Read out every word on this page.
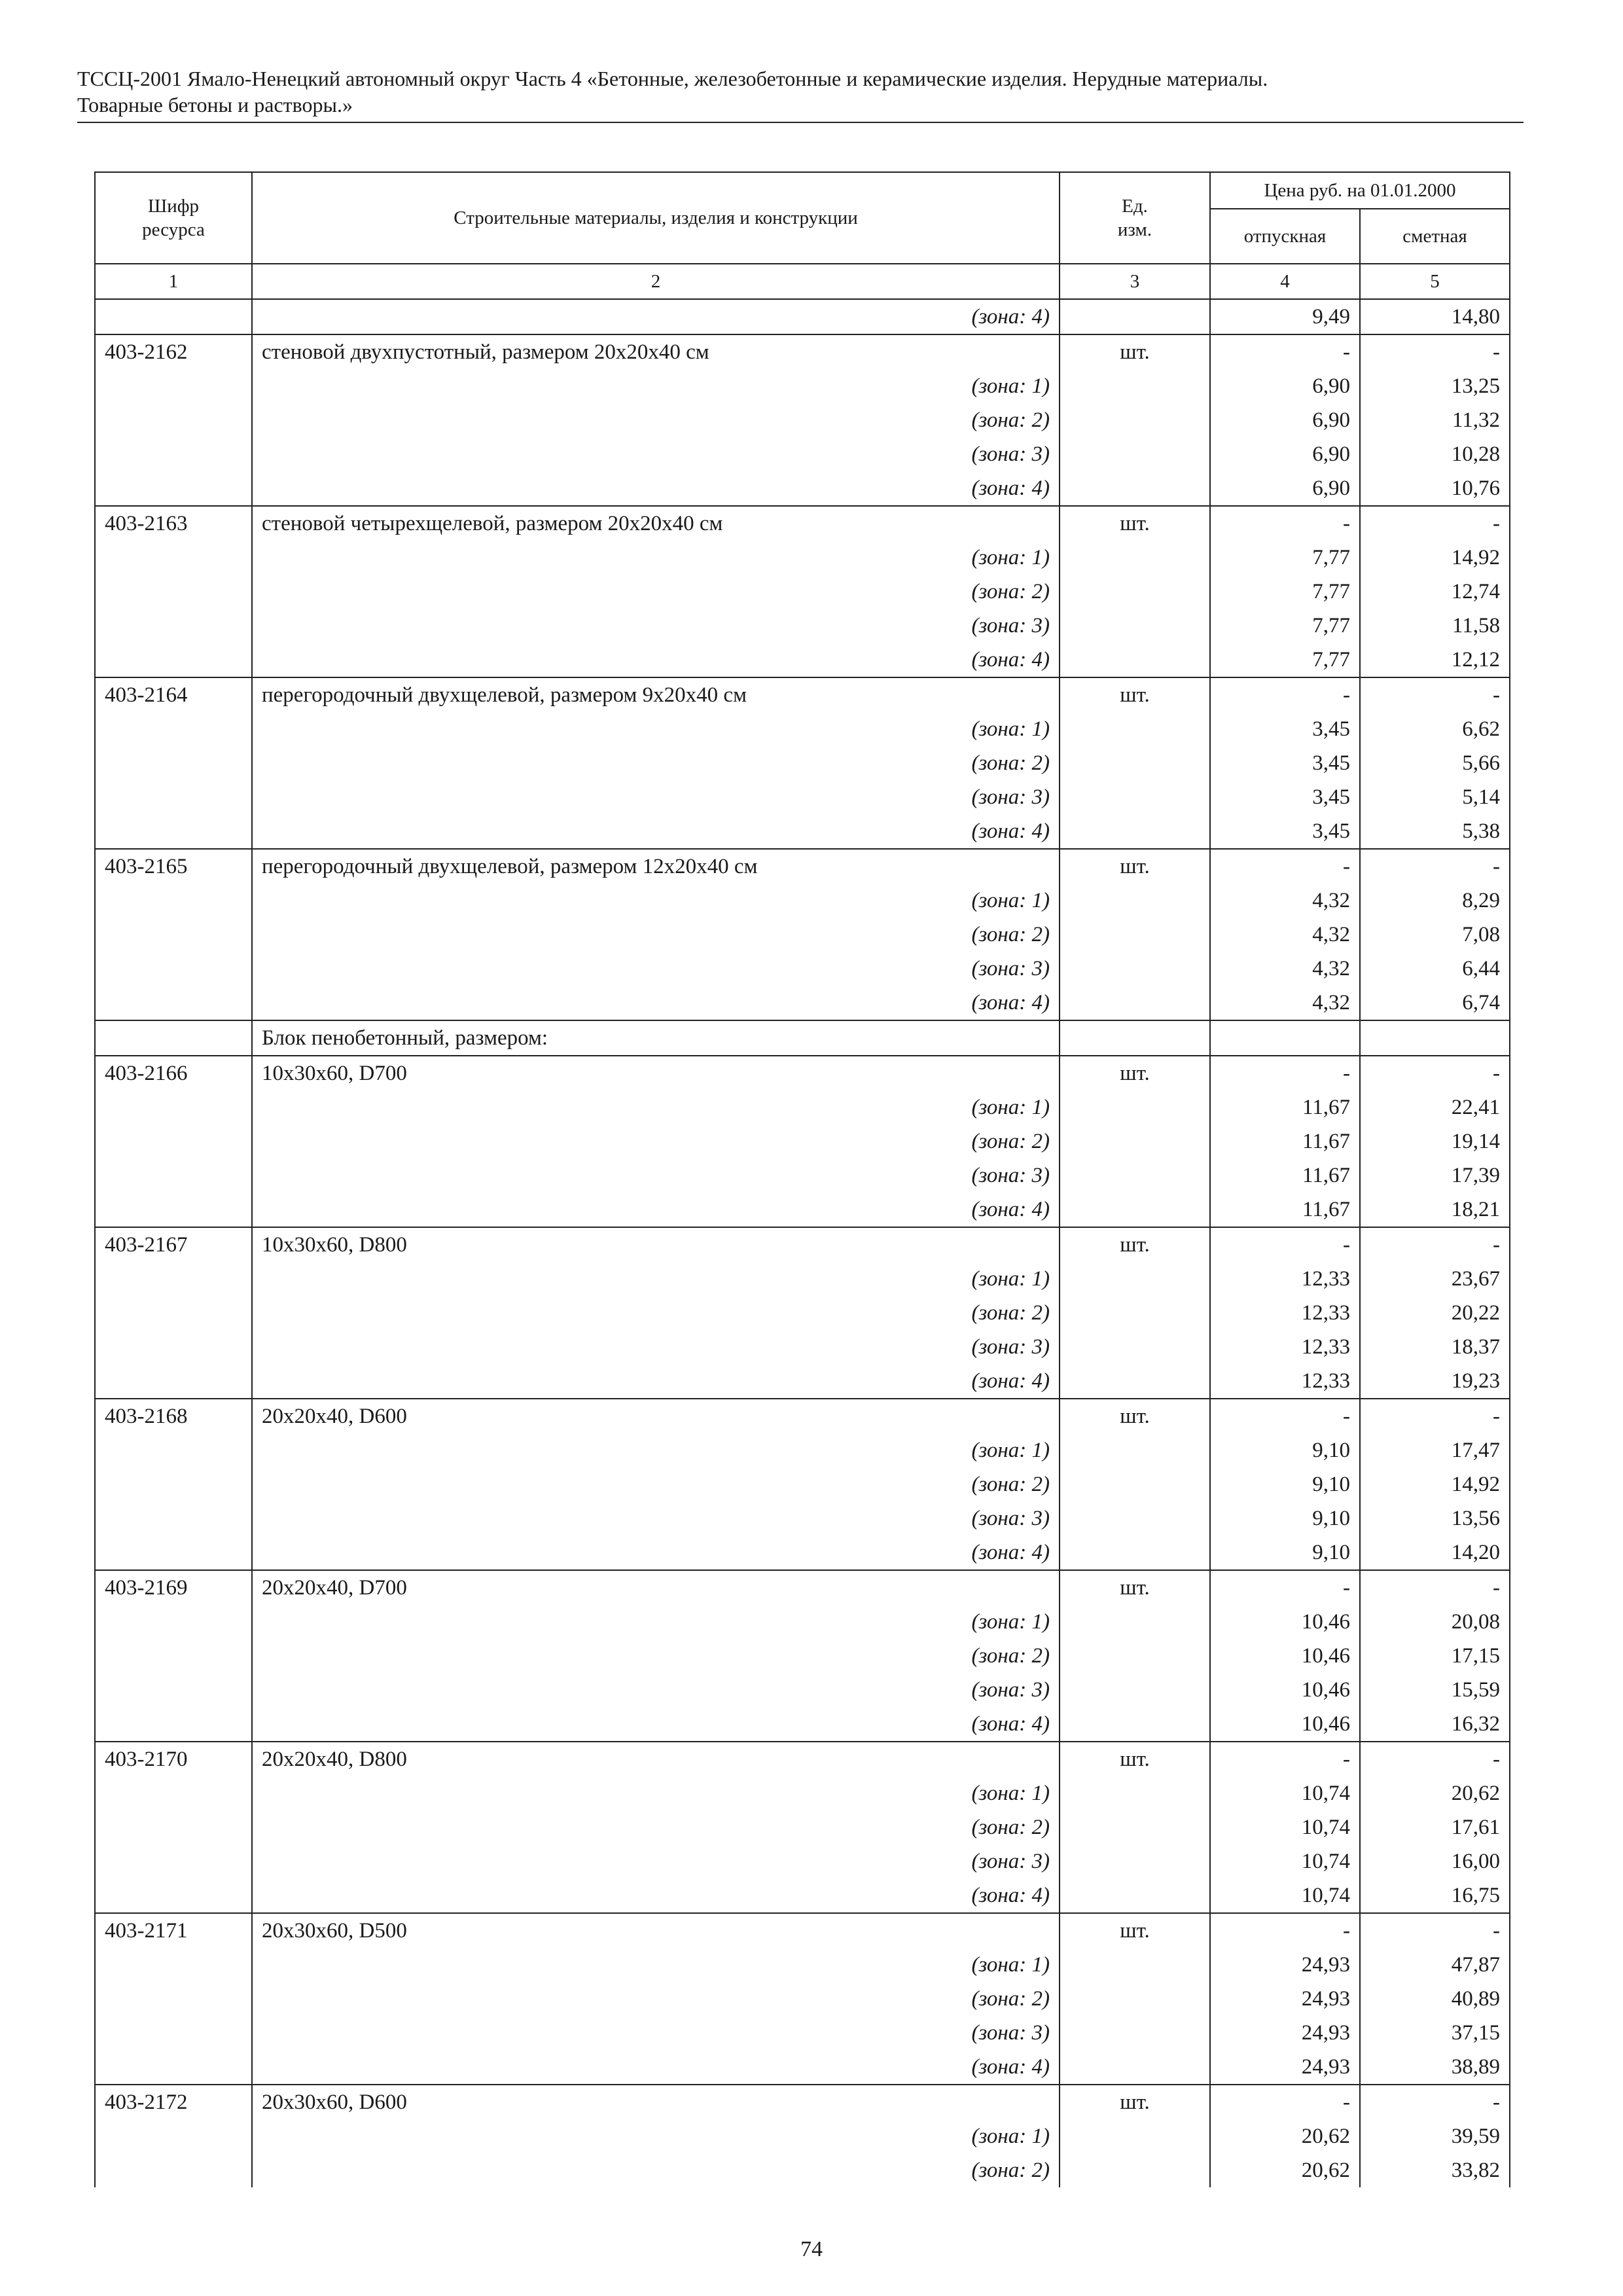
ТССЦ-2001 Ямало-Ненецкий автономный округ Часть 4 «Бетонные, железобетонные и керамические изделия. Нерудные материалы.
Товарные бетоны и растворы.»
Шифр ресурса	Строительные материалы, изделия и конструкции	Ед. изм.	Цена руб. на 01.01.2000	
			отпускная	сметная
1	2	3	4	5
	(зона: 4)		9,49	14,80
403-2162	стеновой двухпустотный, размером 20х20х40 см	шт.	-	-
	(зона: 1)		6,90	13,25
	(зона: 2)		6,90	11,32
	(зона: 3)		6,90	10,28
	(зона: 4)		6,90	10,76
403-2163	стеновой четырехщелевой, размером 20х20х40 см	шт.	-	-
	(зона: 1)		7,77	14,92
	(зона: 2)		7,77	12,74
	(зона: 3)		7,77	11,58
	(зона: 4)		7,77	12,12
403-2164	перегородочный двухщелевой, размером 9х20х40 см	шт.	-	-
	(зона: 1)		3,45	6,62
	(зона: 2)		3,45	5,66
	(зона: 3)		3,45	5,14
	(зона: 4)		3,45	5,38
403-2165	перегородочный двухщелевой, размером 12х20х40 см	шт.	-	-
	(зона: 1)		4,32	8,29
	(зона: 2)		4,32	7,08
	(зона: 3)		4,32	6,44
	(зона: 4)		4,32	6,74
	Блок пенобетонный, размером:			
403-2166	10х30х60, D700	шт.	-	-
	(зона: 1)		11,67	22,41
	(зона: 2)		11,67	19,14
	(зона: 3)		11,67	17,39
	(зона: 4)		11,67	18,21
403-2167	10х30х60, D800	шт.	-	-
	(зона: 1)		12,33	23,67
	(зона: 2)		12,33	20,22
	(зона: 3)		12,33	18,37
	(зона: 4)		12,33	19,23
403-2168	20х20х40, D600	шт.	-	-
	(зона: 1)		9,10	17,47
	(зона: 2)		9,10	14,92
	(зона: 3)		9,10	13,56
	(зона: 4)		9,10	14,20
403-2169	20х20х40, D700	шт.	-	-
	(зона: 1)		10,46	20,08
	(зона: 2)		10,46	17,15
	(зона: 3)		10,46	15,59
	(зона: 4)		10,46	16,32
403-2170	20х20х40, D800	шт.	-	-
	(зона: 1)		10,74	20,62
	(зона: 2)		10,74	17,61
	(зона: 3)		10,74	16,00
	(зона: 4)		10,74	16,75
403-2171	20х30х60, D500	шт.	-	-
	(зона: 1)		24,93	47,87
	(зона: 2)		24,93	40,89
	(зона: 3)		24,93	37,15
	(зона: 4)		24,93	38,89
403-2172	20х30х60, D600	шт.	-	-
	(зона: 1)		20,62	39,59
	(зона: 2)		20,62	33,82
74
